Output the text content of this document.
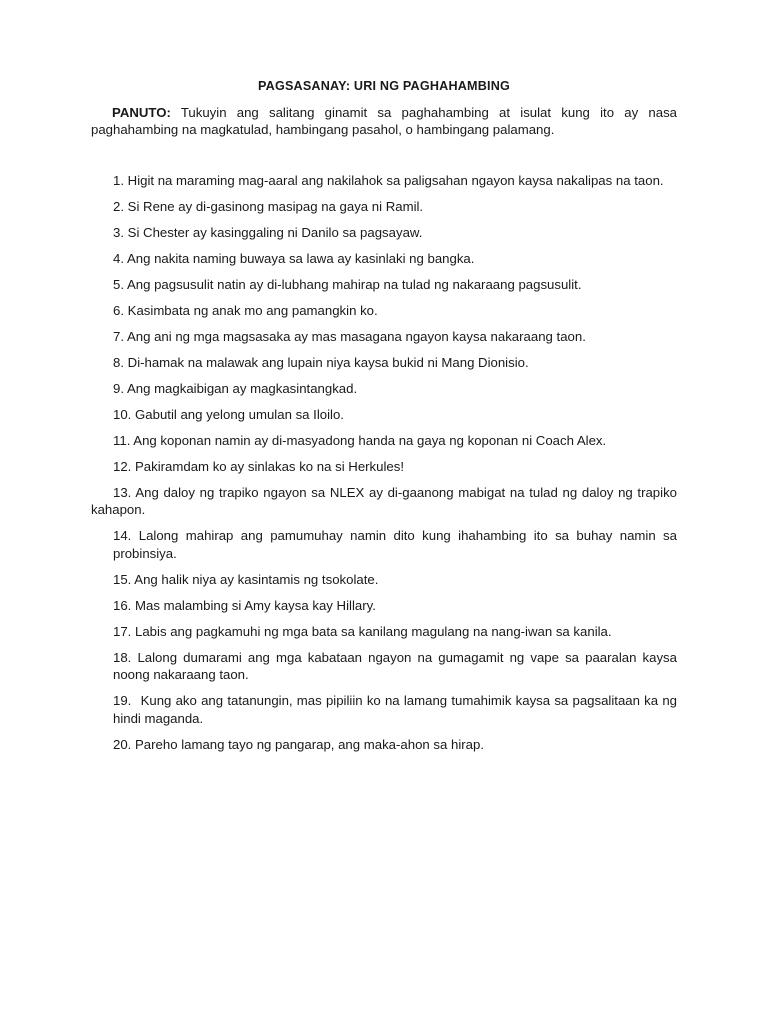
PAGSASANAY: URI NG PAGHAHAMBING

PANUTO: Tukuyin ang salitang ginamit sa paghahambing at isulat kung ito ay nasa paghahambing na magkatulad, hambingang pasahol, o hambingang palamang.

1. Higit na maraming mag-aaral ang nakilahok sa paligsahan ngayon kaysa nakalipas na taon.
2. Si Rene ay di-gasinong masipag na gaya ni Ramil.
3. Si Chester ay kasinggaling ni Danilo sa pagsayaw.
4. Ang nakita naming buwaya sa lawa ay kasinlaki ng bangka.
5. Ang pagsusulit natin ay di-lubhang mahirap na tulad ng nakaraang pagsusulit.
6. Kasimbata ng anak mo ang pamangkin ko.
7. Ang ani ng mga magsasaka ay mas masagana ngayon kaysa nakaraang taon.
8. Di-hamak na malawak ang lupain niya kaysa bukid ni Mang Dionisio.
9. Ang magkaibigan ay magkasintangkad.
10. Gabutil ang yelong umulan sa Iloilo.
11. Ang koponan namin ay di-masyadong handa na gaya ng koponan ni Coach Alex.
12. Pakiramdam ko ay sinlakas ko na si Herkules!
13. Ang daloy ng trapiko ngayon sa NLEX ay di-gaanong mabigat na tulad ng daloy ng trapiko kahapon.
14. Lalong mahirap ang pamumuhay namin dito kung ihahambing ito sa buhay namin sa probinsiya.
15. Ang halik niya ay kasintamis ng tsokolate.
16. Mas malambing si Amy kaysa kay Hillary.
17. Labis ang pagkamuhi ng mga bata sa kanilang magulang na nang-iwan sa kanila.
18. Lalong dumarami ang mga kabataan ngayon na gumagamit ng vape sa paaralan kaysa noong nakaraang taon.
19. Kung ako ang tatanungin, mas pipiliin ko na lamang tumahimik kaysa sa pagsalitaan ka ng hindi maganda.
20. Pareho lamang tayo ng pangarap, ang maka-ahon sa hirap.
